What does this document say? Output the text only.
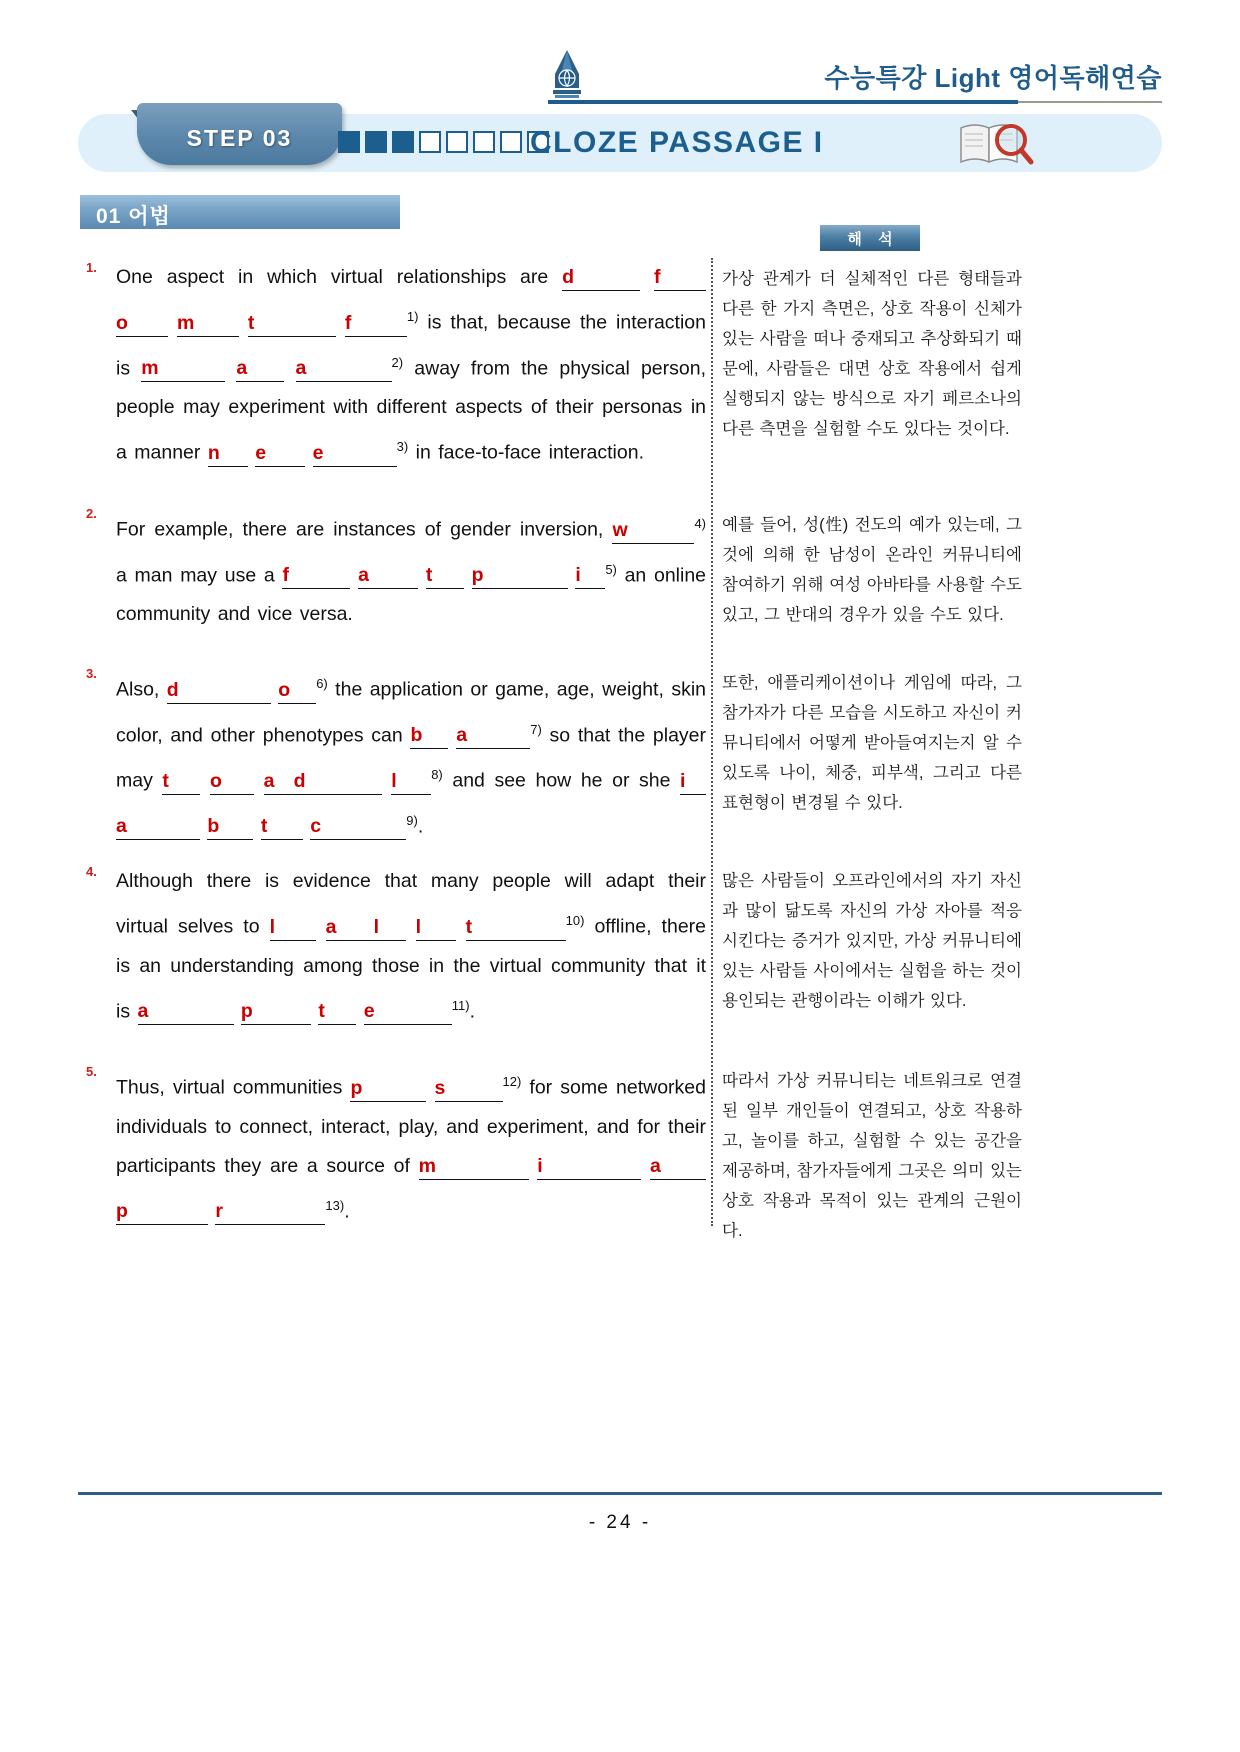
수능특강 Light 영어독해연습
STEP 03	CLOZE PASSAGE I
01 어법
해 석
1. One aspect in which virtual relationships are d	f o	m	t	f	$^{1)}$ is that, because the interaction is m	a a	$^{2)}$ away from the physical person, people may experiment with different aspects of their personas in a manner n e e	$^{3)}$ in face-to-face interaction.
2.
For example, there are instances of gender inversion, w	$^{4)}$ a man may use a f	a	t p	i $^{5)}$ an online community and vice versa.
3.
Also, d	o $^{6)}$ the application or game, age, weight, skin color, and other phenotypes can b a	$^{7)}$ so that the player may t o a d	l	$^{8)}$ and see how he or she i a	b t c	$^{9)}$.
4. Although there is evidence that many people will adapt their virtual selves to l	a l l t	$^{10)}$ offline, there is an understanding among those in the virtual community that it is a	p	t e	$^{11)}$.
5.
Thus, virtual communities p	s	$^{12)}$ for some networked individuals to connect, interact, play, and experiment, and for their participants they are a source of m	i	a p	r	$^{13)}$.
가상 관계가 더 실체적인 다른 형태들과 다른 한 가지 측면은, 상호 작용이 신체가 있는 사람을 떠나 중재되고 추상화되기 때문에, 사람들은 대면 상호 작용에서 쉽게 실행되지 않는 방식으로 자기 페르소나의 다른 측면을 실험할 수도 있다는 것이다.
예를 들어, 성(性) 전도의 예가 있는데, 그것에 의해 한 남성이 온라인 커뮤니티에 참여하기 위해 여성 아바타를 사용할 수도 있고, 그 반대의 경우가 있을 수도 있다.
또한, 애플리케이션이나 게임에 따라, 그 참가자가 다른 모습을 시도하고 자신이 커뮤니티에서 어떻게 받아들여지는지 알 수 있도록 나이, 체중, 피부색, 그리고 다른 표현형이 변경될 수 있다.
많은 사람들이 오프라인에서의 자기 자신과 많이 닮도록 자신의 가상 자아를 적응시킨다는 증거가 있지만, 가상 커뮤니티에 있는 사람들 사이에서는 실험을 하는 것이 용인되는 관행이라는 이해가 있다.
따라서 가상 커뮤니티는 네트워크로 연결된 일부 개인들이 연결되고, 상호 작용하고, 놀이를 하고, 실험할 수 있는 공간을 제공하며, 참가자들에게 그곳은 의미 있는 상호 작용과 목적이 있는 관계의 근원이다.
- 24 -
